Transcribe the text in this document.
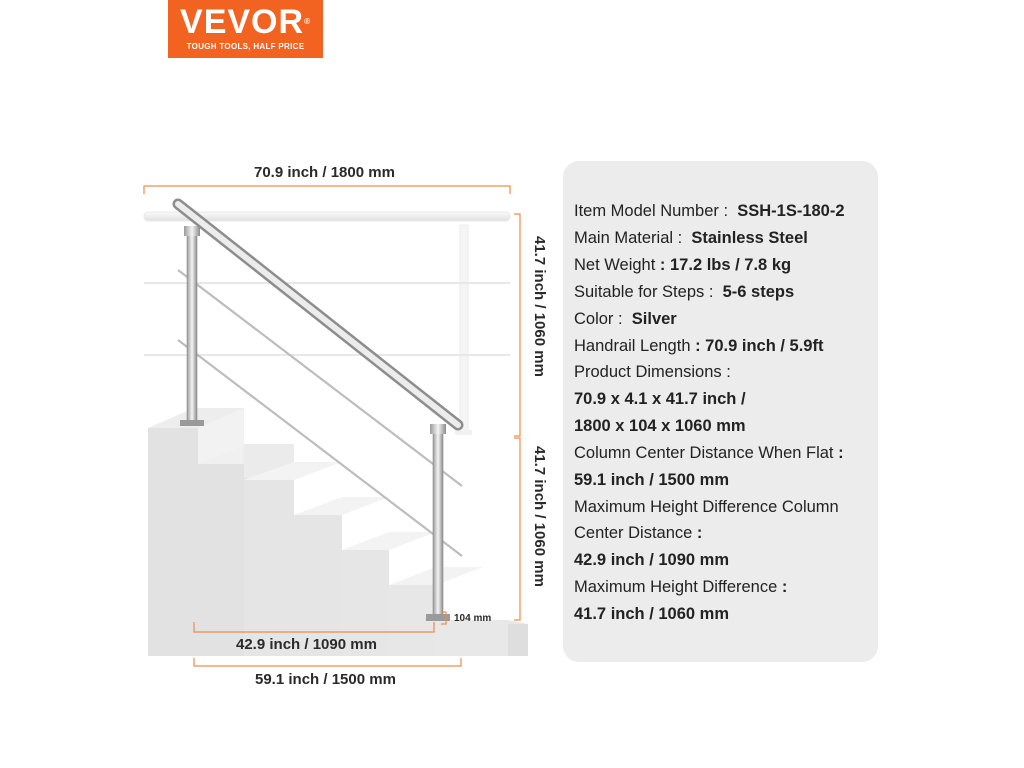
VEVOR®
TOUGH TOOLS, HALF PRICE
70.9 inch / 1800 mm
41.7 inch / 1060 mm
41.7 inch / 1060 mm
104 mm
42.9 inch / 1090 mm
59.1 inch / 1500 mm
Item Model Number : SSH-1S-180-2
Main Material : Stainless Steel
Net Weight : 17.2 lbs / 7.8 kg
Suitable for Steps : 5-6 steps
Color : Silver
Handrail Length : 70.9 inch / 5.9ft
Product Dimensions :
70.9 x 4.1 x 41.7 inch /
1800 x 104 x 1060 mm
Column Center Distance When Flat :
59.1 inch / 1500 mm
Maximum Height Difference Column
Center Distance :
42.9 inch / 1090 mm
Maximum Height Difference :
41.7 inch / 1060 mm
